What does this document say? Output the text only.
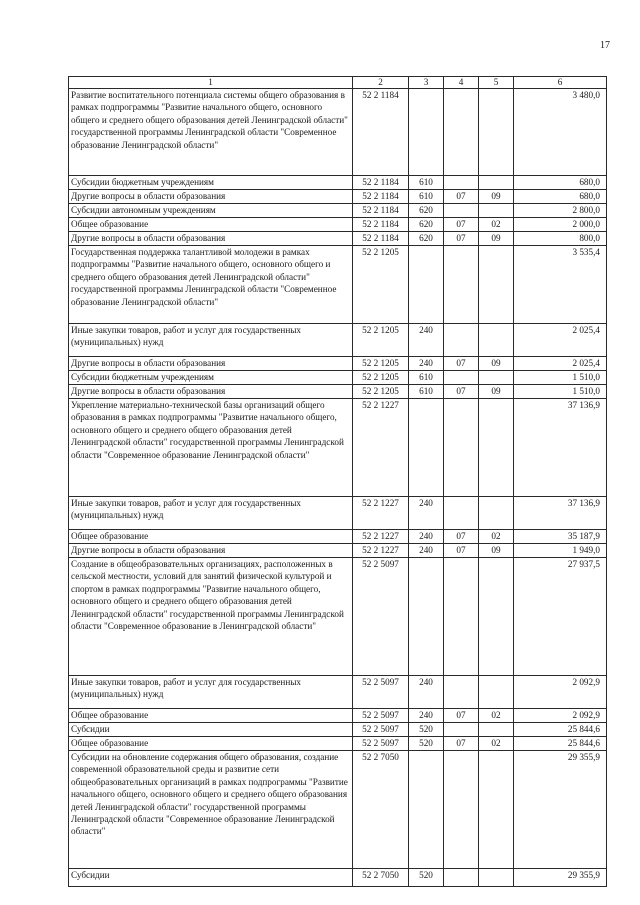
17
1	2	3	4	5	6
Развитие воспитательного потенциала системы общего образования в рамках подпрограммы "Развитие начального общего, основного общего и среднего общего образования детей Ленинградской области" государственной программы Ленинградской области "Современное образование Ленинградской области"	52 2 1184				3 480,0
Субсидии бюджетным учреждениям	52 2 1184	610			680,0
Другие вопросы в области образования	52 2 1184	610	07	09	680,0
Субсидии автономным учреждениям	52 2 1184	620			2 800,0
Общее образование	52 2 1184	620	07	02	2 000,0
Другие вопросы в области образования	52 2 1184	620	07	09	800,0
Государственная поддержка талантливой молодежи в рамках подпрограммы "Развитие начального общего, основного общего и среднего общего образования детей Ленинградской области" государственной программы Ленинградской области "Современное образование Ленинградской области"	52 2 1205				3 535,4
Иные закупки товаров, работ и услуг для государственных (муниципальных) нужд	52 2 1205	240			2 025,4
Другие вопросы в области образования	52 2 1205	240	07	09	2 025,4
Субсидии бюджетным учреждениям	52 2 1205	610			1 510,0
Другие вопросы в области образования	52 2 1205	610	07	09	1 510,0
Укрепление материально-технической базы организаций общего образования в рамках подпрограммы "Развитие начального общего, основного общего и среднего общего образования детей Ленинградской области" государственной программы Ленинградской области "Современное образование Ленинградской области"	52 2 1227				37 136,9
Иные закупки товаров, работ и услуг для государственных (муниципальных) нужд	52 2 1227	240			37 136,9
Общее образование	52 2 1227	240	07	02	35 187,9
Другие вопросы в области образования	52 2 1227	240	07	09	1 949,0
Создание в общеобразовательных организациях, расположенных в сельской местности, условий для занятий физической культурой и спортом в рамках подпрограммы "Развитие начального общего, основного общего и среднего общего образования детей Ленинградской области" государственной программы Ленинградской области "Современное образование в Ленинградской области"	52 2 5097				27 937,5
Иные закупки товаров, работ и услуг для государственных (муниципальных) нужд	52 2 5097	240			2 092,9
Общее образование	52 2 5097	240	07	02	2 092,9
Субсидии	52 2 5097	520			25 844,6
Общее образование	52 2 5097	520	07	02	25 844,6
Субсидии на обновление содержания общего образования, создание современной образовательной среды и развитие сети общеобразовательных организаций в рамках подпрограммы "Развитие начального общего, основного общего и среднего общего образования детей Ленинградской области" государственной программы Ленинградской области "Современное образование Ленинградской области"	52 2 7050				29 355,9
Субсидии	52 2 7050	520			29 355,9
